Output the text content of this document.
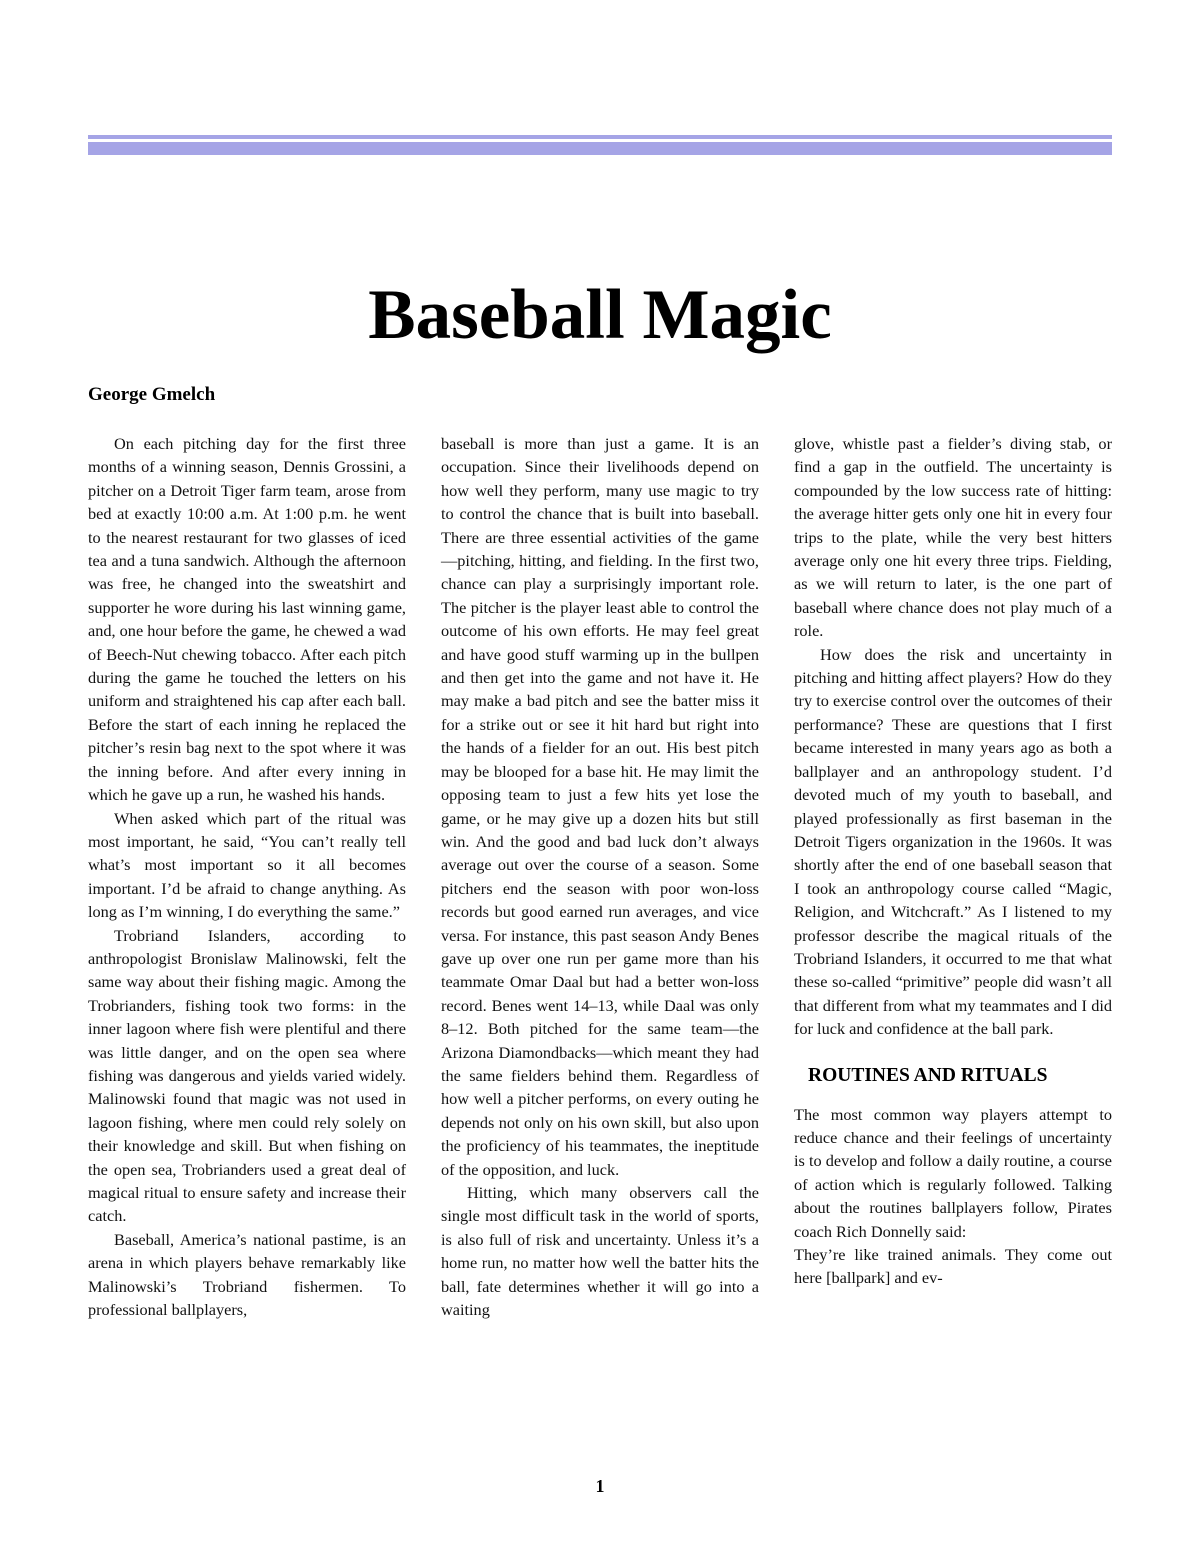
Baseball Magic
George Gmelch

On each pitching day for the first three months of a winning season, Dennis Grossini, a pitcher on a Detroit Tiger farm team, arose from bed at exactly 10:00 a.m. At 1:00 p.m. he went to the nearest restaurant for two glasses of iced tea and a tuna sandwich. Although the afternoon was free, he changed into the sweatshirt and supporter he wore during his last winning game, and, one hour before the game, he chewed a wad of Beech-Nut chewing tobacco. After each pitch during the game he touched the letters on his uniform and straightened his cap after each ball. Before the start of each inning he replaced the pitcher’s resin bag next to the spot where it was the inning before. And after every inning in which he gave up a run, he washed his hands.

When asked which part of the ritual was most important, he said, “You can’t really tell what’s most important so it all becomes important. I’d be afraid to change anything. As long as I’m winning, I do everything the same.”

Trobriand Islanders, according to anthropologist Bronislaw Malinowski, felt the same way about their fishing magic. Among the Trobrianders, fishing took two forms: in the inner lagoon where fish were plentiful and there was little danger, and on the open sea where fishing was dangerous and yields varied widely. Malinowski found that magic was not used in lagoon fishing, where men could rely solely on their knowledge and skill. But when fishing on the open sea, Trobrianders used a great deal of magical ritual to ensure safety and increase their catch.

Baseball, America’s national pastime, is an arena in which players behave remarkably like Malinowski’s Trobriand fishermen. To professional ballplayers,

baseball is more than just a game. It is an occupation. Since their livelihoods depend on how well they perform, many use magic to try to control the chance that is built into baseball. There are three essential activities of the game—pitching, hitting, and fielding. In the first two, chance can play a surprisingly important role. The pitcher is the player least able to control the outcome of his own efforts. He may feel great and have good stuff warming up in the bullpen and then get into the game and not have it. He may make a bad pitch and see the batter miss it for a strike out or see it hit hard but right into the hands of a fielder for an out. His best pitch may be blooped for a base hit. He may limit the opposing team to just a few hits yet lose the game, or he may give up a dozen hits but still win. And the good and bad luck don’t always average out over the course of a season. Some pitchers end the season with poor won-loss records but good earned run averages, and vice versa. For instance, this past season Andy Benes gave up over one run per game more than his teammate Omar Daal but had a better won-loss record. Benes went 14–13, while Daal was only 8–12. Both pitched for the same team—the Arizona Diamondbacks—which meant they had the same fielders behind them. Regardless of how well a pitcher performs, on every outing he depends not only on his own skill, but also upon the proficiency of his teammates, the ineptitude of the opposition, and luck.

Hitting, which many observers call the single most difficult task in the world of sports, is also full of risk and uncertainty. Unless it’s a home run, no matter how well the batter hits the ball, fate determines whether it will go into a waiting

glove, whistle past a fielder’s diving stab, or find a gap in the outfield. The uncertainty is compounded by the low success rate of hitting: the average hitter gets only one hit in every four trips to the plate, while the very best hitters average only one hit every three trips. Fielding, as we will return to later, is the one part of baseball where chance does not play much of a role.

How does the risk and uncertainty in pitching and hitting affect players? How do they try to exercise control over the outcomes of their performance? These are questions that I first became interested in many years ago as both a ballplayer and an anthropology student. I’d devoted much of my youth to baseball, and played professionally as first baseman in the Detroit Tigers organization in the 1960s. It was shortly after the end of one baseball season that I took an anthropology course called “Magic, Religion, and Witchcraft.” As I listened to my professor describe the magical rituals of the Trobriand Islanders, it occurred to me that what these so-called “primitive” people did wasn’t all that different from what my teammates and I did for luck and confidence at the ball park.

ROUTINES AND RITUALS

The most common way players attempt to reduce chance and their feelings of uncertainty is to develop and follow a daily routine, a course of action which is regularly followed. Talking about the routines ballplayers follow, Pirates coach Rich Donnelly said:

They’re like trained animals. They come out here [ballpark] and ev-

1
